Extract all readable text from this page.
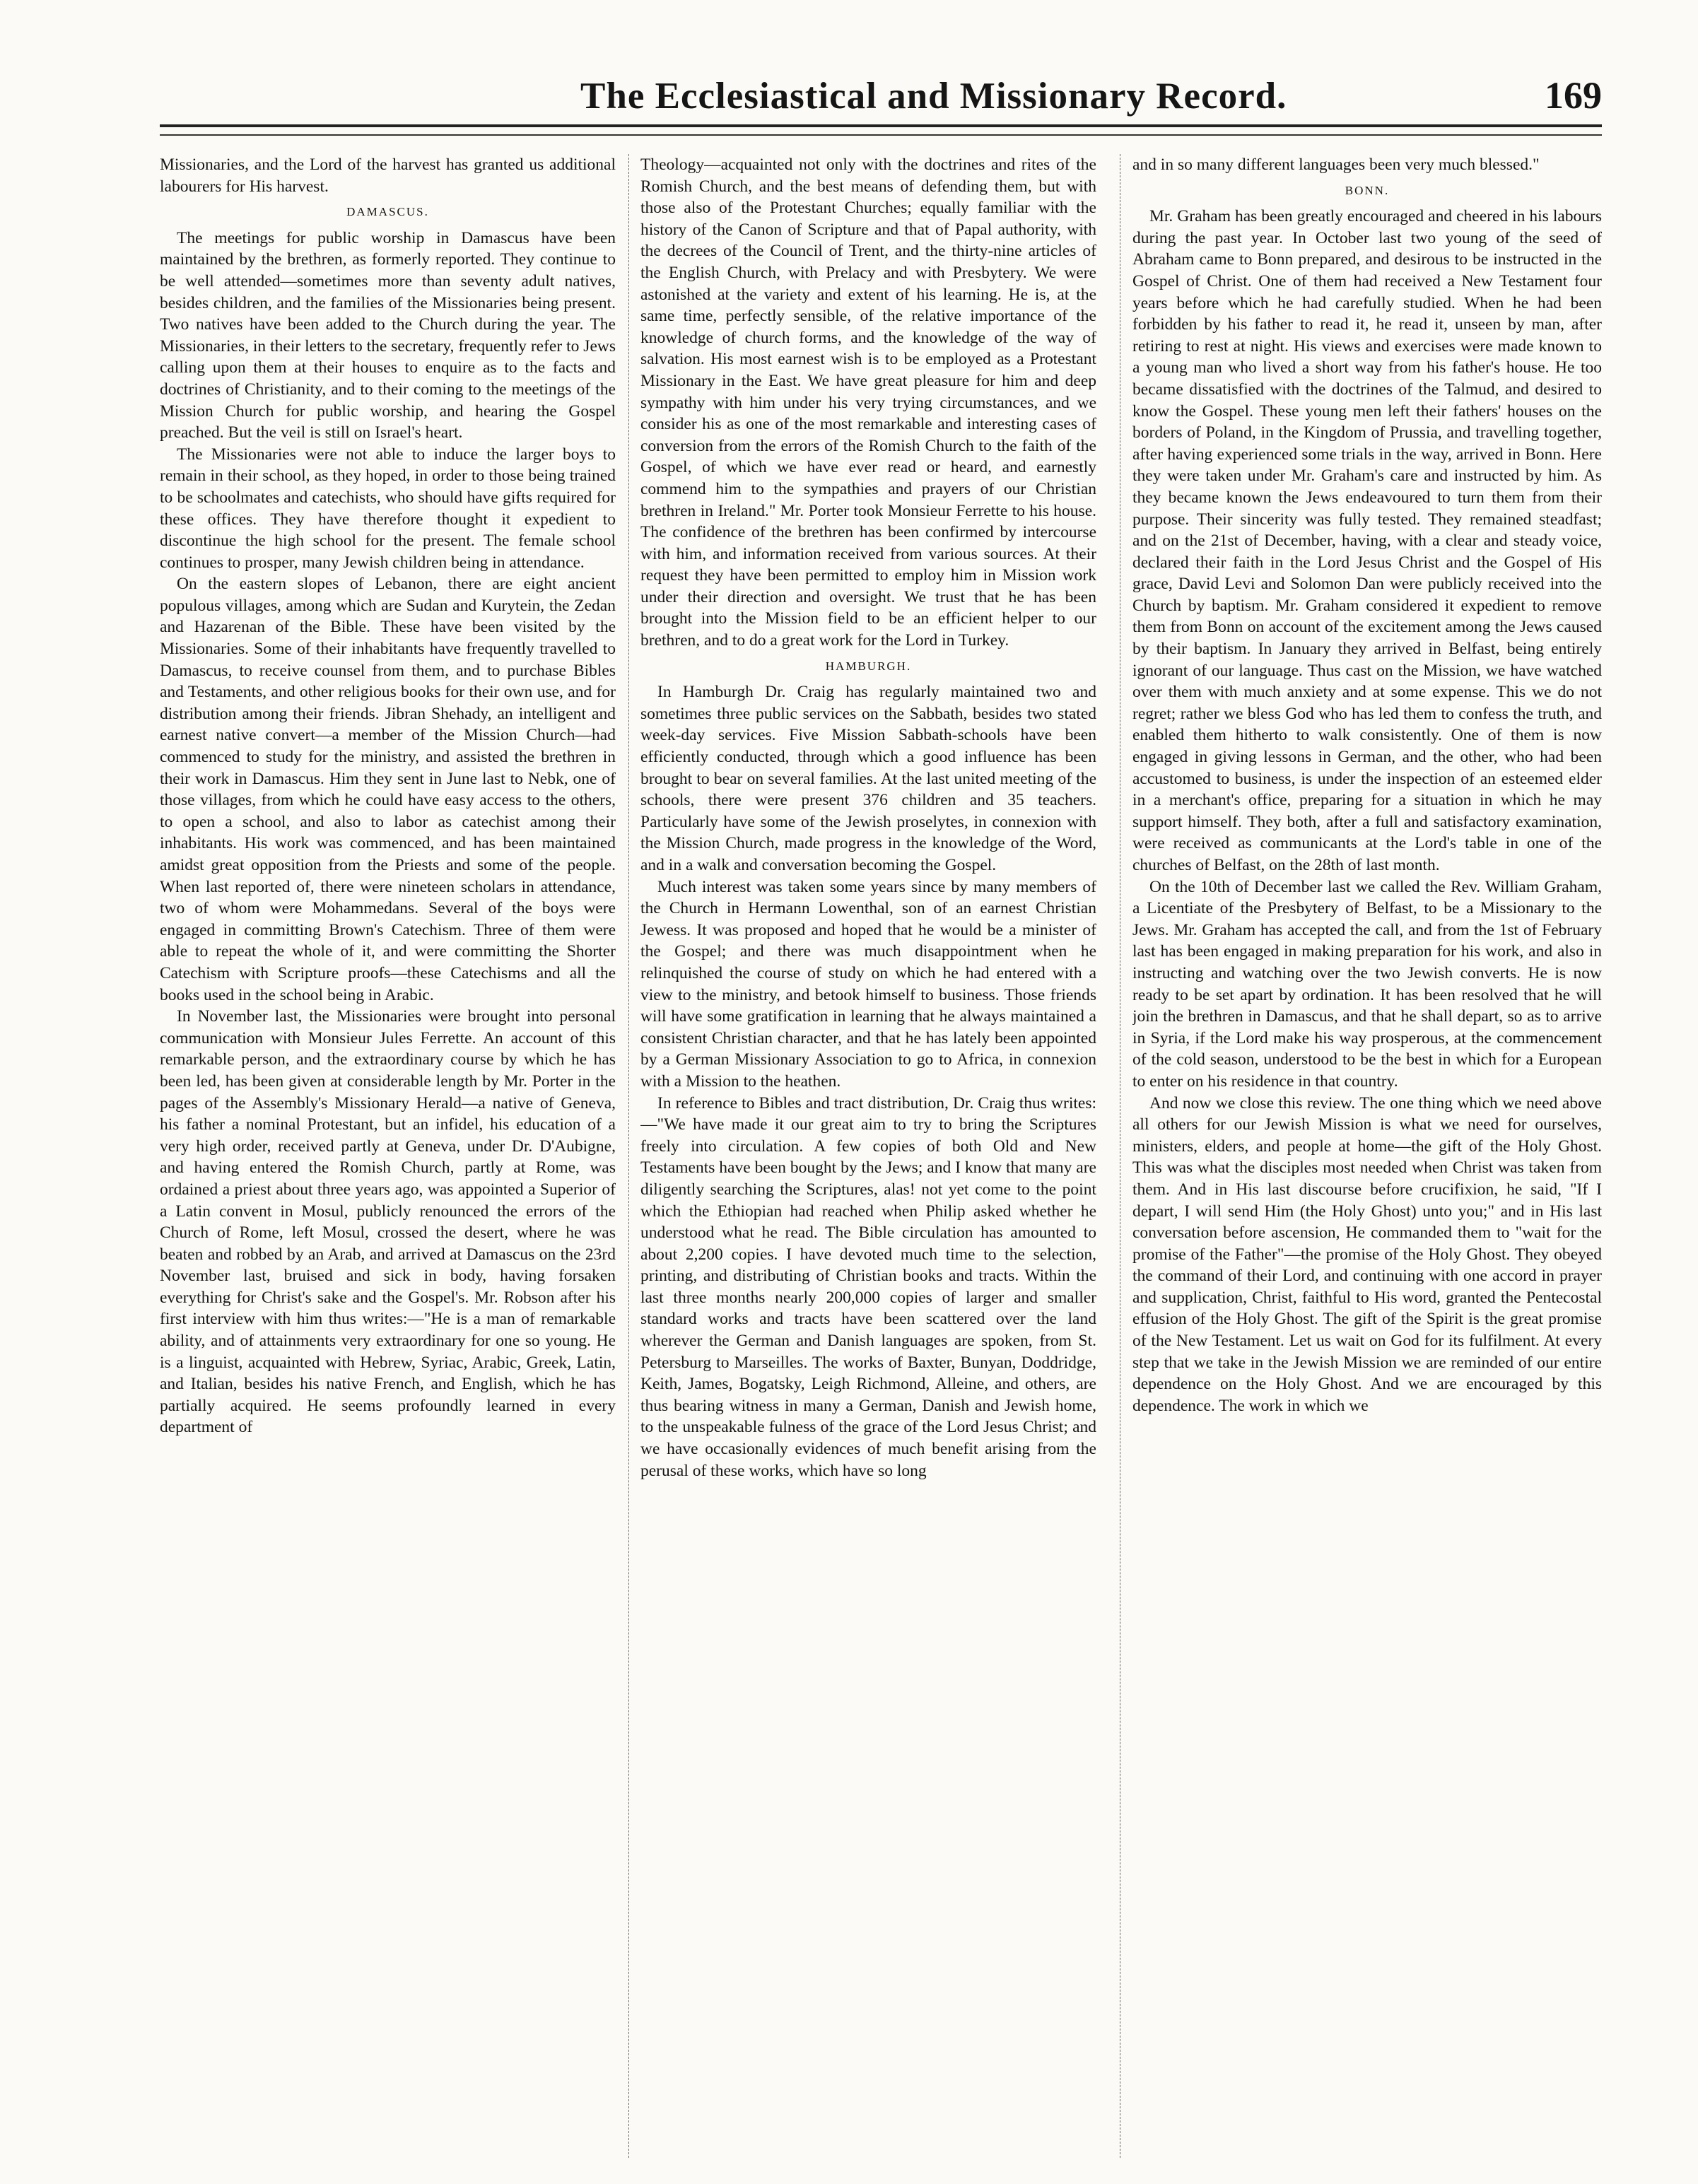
The Ecclesiastical and Missionary Record.	169

Missionaries, and the Lord of the harvest has granted us additional labourers for His harvest.

DAMASCUS.

The meetings for public worship in Damascus have been maintained by the brethren, as formerly reported. They continue to be well attended—sometimes more than seventy adult natives, besides children, and the families of the Missionaries being present. Two natives have been added to the Church during the year. The Missionaries, in their letters to the secretary, frequently refer to Jews calling upon them at their houses to enquire as to the facts and doctrines of Christianity, and to their coming to the meetings of the Mission Church for public worship, and hearing the Gospel preached. But the veil is still on Israel's heart.

The Missionaries were not able to induce the larger boys to remain in their school, as they hoped, in order to those being trained to be schoolmates and catechists, who should have gifts required for these offices. They have therefore thought it expedient to discontinue the high school for the present. The female school continues to prosper, many Jewish children being in attendance.

On the eastern slopes of Lebanon, there are eight ancient populous villages, among which are Sudan and Kurytein, the Zedan and Hazarenan of the Bible. These have been visited by the Missionaries. Some of their inhabitants have frequently travelled to Damascus, to receive counsel from them, and to purchase Bibles and Testaments, and other religious books for their own use, and for distribution among their friends. Jibran Shehady, an intelligent and earnest native convert—a member of the Mission Church—had commenced to study for the ministry, and assisted the brethren in their work in Damascus. Him they sent in June last to Nebk, one of those villages, from which he could have easy access to the others, to open a school, and also to labor as catechist among their inhabitants. His work was commenced, and has been maintained amidst great opposition from the Priests and some of the people. When last reported of, there were nineteen scholars in attendance, two of whom were Mohammedans. Several of the boys were engaged in committing Brown's Catechism. Three of them were able to repeat the whole of it, and were committing the Shorter Catechism with Scripture proofs—these Catechisms and all the books used in the school being in Arabic.

In November last, the Missionaries were brought into personal communication with Monsieur Jules Ferrette. An account of this remarkable person, and the extraordinary course by which he has been led, has been given at considerable length by Mr. Porter in the pages of the Assembly's Missionary Herald—a native of Geneva, his father a nominal Protestant, but an infidel, his education of a very high order, received partly at Geneva, under Dr. D'Aubigne, and having entered the Romish Church, partly at Rome, was ordained a priest about three years ago, was appointed a Superior of a Latin convent in Mosul, publicly renounced the errors of the Church of Rome, left Mosul, crossed the desert, where he was beaten and robbed by an Arab, and arrived at Damascus on the 23rd November last, bruised and sick in body, having forsaken everything for Christ's sake and the Gospel's. Mr. Robson after his first interview with him thus writes:—"He is a man of remarkable ability, and of attainments very extraordinary for one so young. He is a linguist, acquainted with Hebrew, Syriac, Arabic, Greek, Latin, and Italian, besides his native French, and English, which he has partially acquired. He seems profoundly learned in every department of

Theology—acquainted not only with the doctrines and rites of the Romish Church, and the best means of defending them, but with those also of the Protestant Churches; equally familiar with the history of the Canon of Scripture and that of Papal authority, with the decrees of the Council of Trent, and the thirty-nine articles of the English Church, with Prelacy and with Presbytery. We were astonished at the variety and extent of his learning. He is, at the same time, perfectly sensible, of the relative importance of the knowledge of church forms, and the knowledge of the way of salvation. His most earnest wish is to be employed as a Protestant Missionary in the East. We have great pleasure for him and deep sympathy with him under his very trying circumstances, and we consider his as one of the most remarkable and interesting cases of conversion from the errors of the Romish Church to the faith of the Gospel, of which we have ever read or heard, and earnestly commend him to the sympathies and prayers of our Christian brethren in Ireland." Mr. Porter took Monsieur Ferrette to his house. The confidence of the brethren has been confirmed by intercourse with him, and information received from various sources. At their request they have been permitted to employ him in Mission work under their direction and oversight. We trust that he has been brought into the Mission field to be an efficient helper to our brethren, and to do a great work for the Lord in Turkey.

HAMBURGH.

In Hamburgh Dr. Craig has regularly maintained two and sometimes three public services on the Sabbath, besides two stated week-day services. Five Mission Sabbath-schools have been efficiently conducted, through which a good influence has been brought to bear on several families. At the last united meeting of the schools, there were present 376 children and 35 teachers. Particularly have some of the Jewish proselytes, in connexion with the Mission Church, made progress in the knowledge of the Word, and in a walk and conversation becoming the Gospel.

Much interest was taken some years since by many members of the Church in Hermann Lowenthal, son of an earnest Christian Jewess. It was proposed and hoped that he would be a minister of the Gospel; and there was much disappointment when he relinquished the course of study on which he had entered with a view to the ministry, and betook himself to business. Those friends will have some gratification in learning that he always maintained a consistent Christian character, and that he has lately been appointed by a German Missionary Association to go to Africa, in connexion with a Mission to the heathen.

In reference to Bibles and tract distribution, Dr. Craig thus writes:—"We have made it our great aim to try to bring the Scriptures freely into circulation. A few copies of both Old and New Testaments have been bought by the Jews; and I know that many are diligently searching the Scriptures, alas! not yet come to the point which the Ethiopian had reached when Philip asked whether he understood what he read. The Bible circulation has amounted to about 2,200 copies. I have devoted much time to the selection, printing, and distributing of Christian books and tracts. Within the last three months nearly 200,000 copies of larger and smaller standard works and tracts have been scattered over the land wherever the German and Danish languages are spoken, from St. Petersburg to Marseilles. The works of Baxter, Bunyan, Doddridge, Keith, James, Bogatsky, Leigh Richmond, Alleine, and others, are thus bearing witness in many a German, Danish and Jewish home, to the unspeakable fulness of the grace of the Lord Jesus Christ; and we have occasionally evidences of much benefit arising from the perusal of these works, which have so long

and in so many different languages been very much blessed."

BONN.

Mr. Graham has been greatly encouraged and cheered in his labours during the past year. In October last two young of the seed of Abraham came to Bonn prepared, and desirous to be instructed in the Gospel of Christ. One of them had received a New Testament four years before which he had carefully studied. When he had been forbidden by his father to read it, he read it, unseen by man, after retiring to rest at night. His views and exercises were made known to a young man who lived a short way from his father's house. He too became dissatisfied with the doctrines of the Talmud, and desired to know the Gospel. These young men left their fathers' houses on the borders of Poland, in the Kingdom of Prussia, and travelling together, after having experienced some trials in the way, arrived in Bonn. Here they were taken under Mr. Graham's care and instructed by him. As they became known the Jews endeavoured to turn them from their purpose. Their sincerity was fully tested. They remained steadfast; and on the 21st of December, having, with a clear and steady voice, declared their faith in the Lord Jesus Christ and the Gospel of His grace, David Levi and Solomon Dan were publicly received into the Church by baptism. Mr. Graham considered it expedient to remove them from Bonn on account of the excitement among the Jews caused by their baptism. In January they arrived in Belfast, being entirely ignorant of our language. Thus cast on the Mission, we have watched over them with much anxiety and at some expense. This we do not regret; rather we bless God who has led them to confess the truth, and enabled them hitherto to walk consistently. One of them is now engaged in giving lessons in German, and the other, who had been accustomed to business, is under the inspection of an esteemed elder in a merchant's office, preparing for a situation in which he may support himself. They both, after a full and satisfactory examination, were received as communicants at the Lord's table in one of the churches of Belfast, on the 28th of last month.

On the 10th of December last we called the Rev. William Graham, a Licentiate of the Presbytery of Belfast, to be a Missionary to the Jews. Mr. Graham has accepted the call, and from the 1st of February last has been engaged in making preparation for his work, and also in instructing and watching over the two Jewish converts. He is now ready to be set apart by ordination. It has been resolved that he will join the brethren in Damascus, and that he shall depart, so as to arrive in Syria, if the Lord make his way prosperous, at the commencement of the cold season, understood to be the best in which for a European to enter on his residence in that country.

And now we close this review. The one thing which we need above all others for our Jewish Mission is what we need for ourselves, ministers, elders, and people at home—the gift of the Holy Ghost. This was what the disciples most needed when Christ was taken from them. And in His last discourse before crucifixion, he said, "If I depart, I will send Him (the Holy Ghost) unto you;" and in His last conversation before ascension, He commanded them to "wait for the promise of the Father"—the promise of the Holy Ghost. They obeyed the command of their Lord, and continuing with one accord in prayer and supplication, Christ, faithful to His word, granted the Pentecostal effusion of the Holy Ghost. The gift of the Spirit is the great promise of the New Testament. Let us wait on God for its fulfilment. At every step that we take in the Jewish Mission we are reminded of our entire dependence on the Holy Ghost. And we are encouraged by this dependence. The work in which we
